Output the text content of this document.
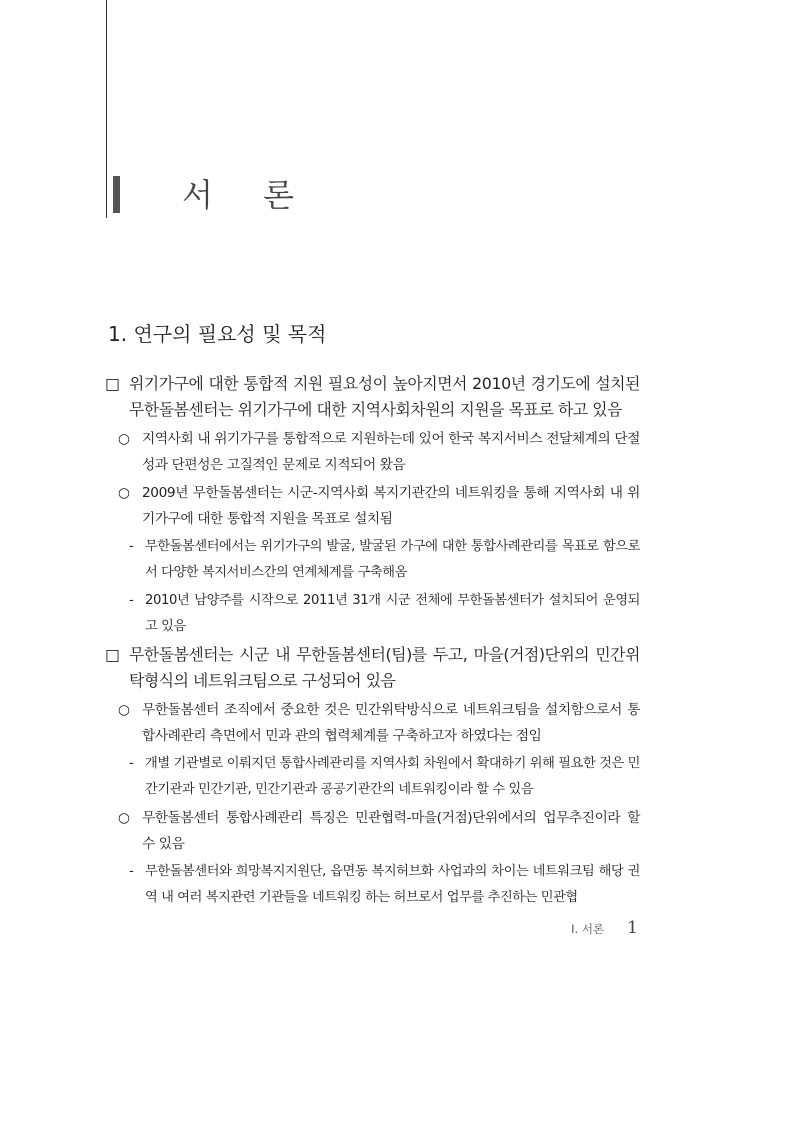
서 론
1. 연구의 필요성 및 목적
□ 위기가구에 대한 통합적 지원 필요성이 높아지면서 2010년 경기도에 설치된 무한돌봄센터는 위기가구에 대한 지역사회차원의 지원을 목표로 하고 있음
○ 지역사회 내 위기가구를 통합적으로 지원하는데 있어 한국 복지서비스 전달체계의 단절성과 단편성은 고질적인 문제로 지적되어 왔음
○ 2009년 무한돌봄센터는 시군-지역사회 복지기관간의 네트워킹을 통해 지역사회 내 위기가구에 대한 통합적 지원을 목표로 설치됨
- 무한돌봄센터에서는 위기가구의 발굴, 발굴된 가구에 대한 통합사례관리를 목표로 함으로서 다양한 복지서비스간의 연계체계를 구축해옴
- 2010년 남양주를 시작으로 2011년 31개 시군 전체에 무한돌봄센터가 설치되어 운영되고 있음
□ 무한돌봄센터는 시군 내 무한돌봄센터(팀)를 두고, 마을(거점)단위의 민간위탁형식의 네트워크팀으로 구성되어 있음
○ 무한돌봄센터 조직에서 중요한 것은 민간위탁방식으로 네트워크팀을 설치함으로서 통합사례관리 측면에서 민과 관의 협력체계를 구축하고자 하였다는 점임
- 개별 기관별로 이뤄지던 통합사례관리를 지역사회 차원에서 확대하기 위해 필요한 것은 민간기관과 민간기관, 민간기관과 공공기관간의 네트워킹이라 할 수 있음
○ 무한돌봄센터 통합사례관리 특징은 민관협력-마을(거점)단위에서의 업무추진이라 할 수 있음
- 무한돌봄센터와 희망복지지원단, 읍면동 복지허브화 사업과의 차이는 네트워크팀 해당 권역 내 여러 복지관련 기관들을 네트워킹 하는 허브로서 업무를 추진하는 민관협
Ⅰ. 서론 1
